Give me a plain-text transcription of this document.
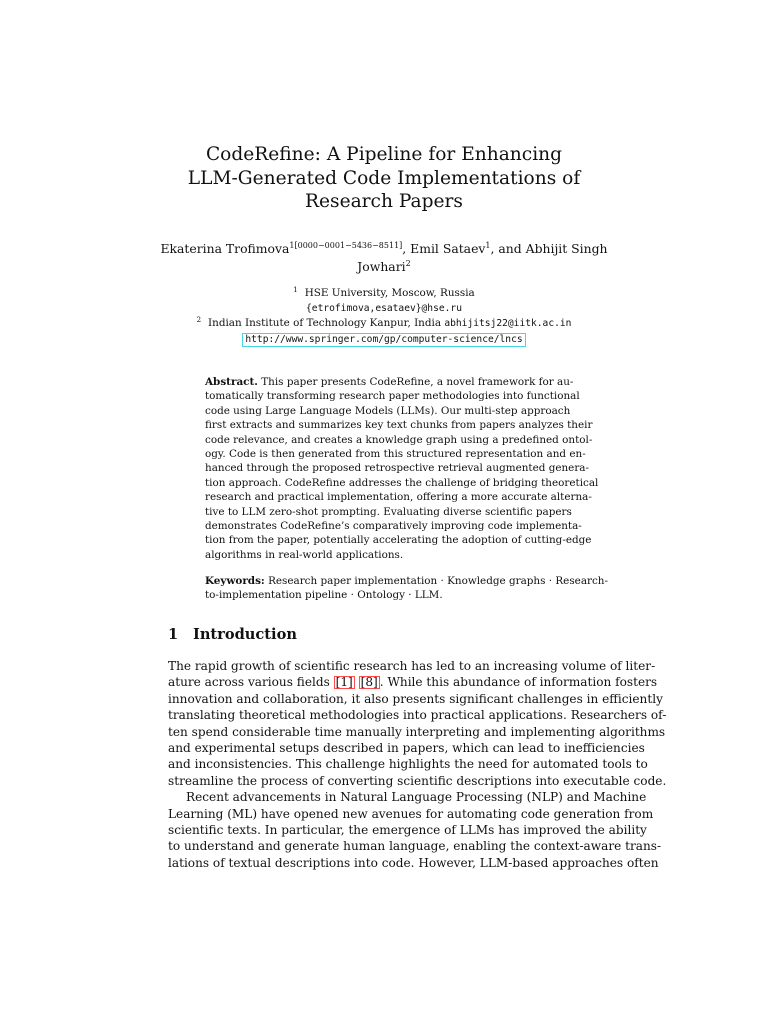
CodeRefine: A Pipeline for Enhancing
LLM-Generated Code Implementations of
Research Papers
Ekaterina Trofimova$^{1[0000-0001-5436-8511]}$, Emil Sataev$^1$, and Abhijit Singh
Jowhari$^2$
$^1$ HSE University, Moscow, Russia
{etrofimova,esataev}@hse.ru
$^2$ Indian Institute of Technology Kanpur, India abhijitsj22@iitk.ac.in
http://www.springer.com/gp/computer-science/lncs
Abstract. This paper presents CodeRefine, a novel framework for au-
tomatically transforming research paper methodologies into functional
code using Large Language Models (LLMs). Our multi-step approach
first extracts and summarizes key text chunks from papers analyzes their
code relevance, and creates a knowledge graph using a predefined ontol-
ogy. Code is then generated from this structured representation and en-
hanced through the proposed retrospective retrieval augmented genera-
tion approach. CodeRefine addresses the challenge of bridging theoretical
research and practical implementation, offering a more accurate alterna-
tive to LLM zero-shot prompting. Evaluating diverse scientific papers
demonstrates CodeRefine’s comparatively improving code implementa-
tion from the paper, potentially accelerating the adoption of cutting-edge
algorithms in real-world applications.
Keywords: Research paper implementation · Knowledge graphs · Research-
to-implementation pipeline · Ontology · LLM.
1 Introduction
The rapid growth of scientific research has led to an increasing volume of liter-
ature across various fields [1] [8] . While this abundance of information fosters
innovation and collaboration, it also presents significant challenges in efficiently
translating theoretical methodologies into practical applications. Researchers of-
ten spend considerable time manually interpreting and implementing algorithms
and experimental setups described in papers, which can lead to inefficiencies
and inconsistencies. This challenge highlights the need for automated tools to
streamline the process of converting scientific descriptions into executable code.
Recent advancements in Natural Language Processing (NLP) and Machine
Learning (ML) have opened new avenues for automating code generation from
scientific texts. In particular, the emergence of LLMs has improved the ability
to understand and generate human language, enabling the context-aware trans-
lations of textual descriptions into code. However, LLM-based approaches often
